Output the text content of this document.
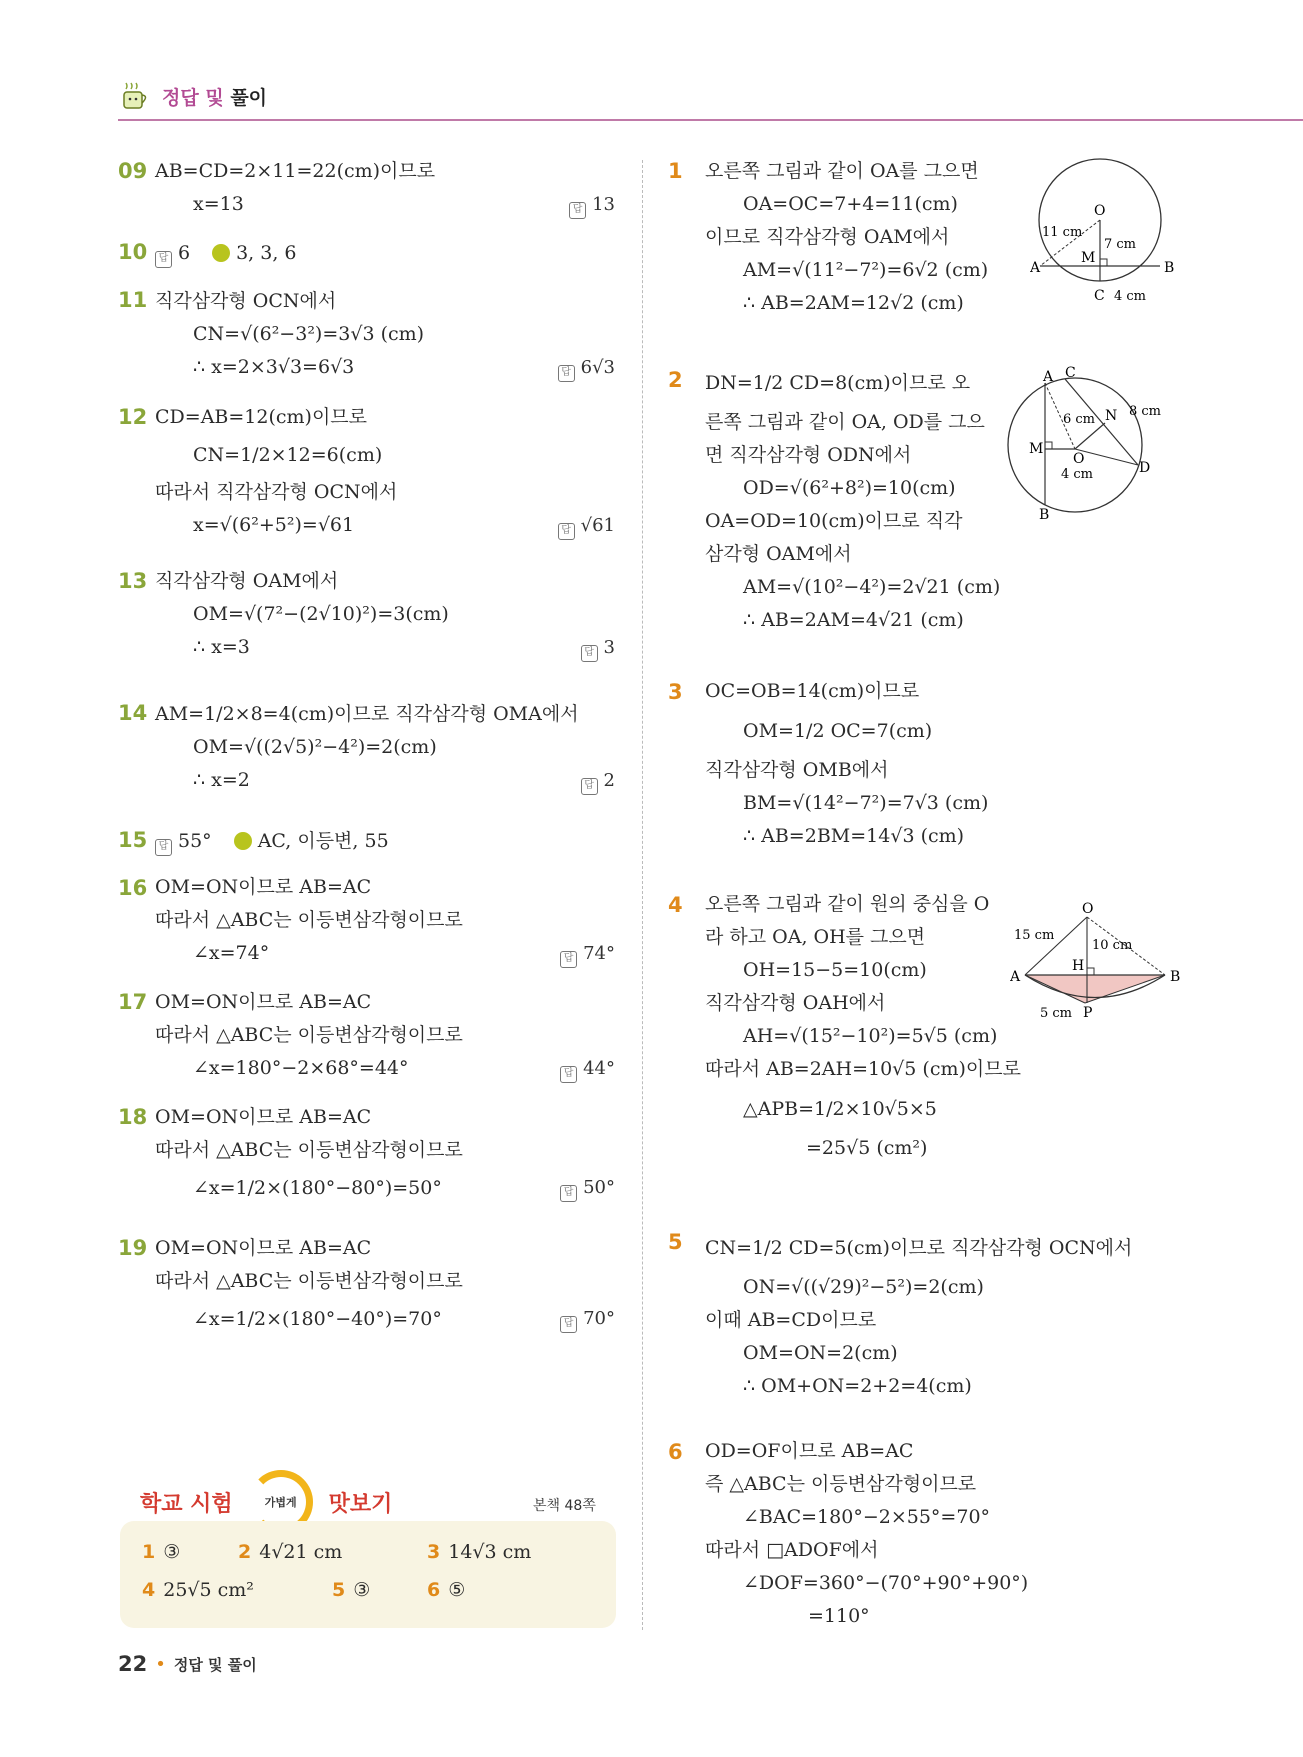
정답 및 풀이
09 AB=CD=2×11=22(cm)이므로
x=13	답 13
10	답 6 3, 3, 6
11 직각삼각형 OCN에서
CN=√(6²−3²)=3√3 (cm)
∴ x=2×3√3=6√3	답 6√3
12 CD=AB=12(cm)이므로
CN=1/2×12=6(cm)
따라서 직각삼각형 OCN에서
x=√(6²+5²)=√61	답 √61
13 직각삼각형 OAM에서
OM=√(7²−(2√10)²)=3(cm)
∴ x=3	답 3
14 AM=1/2×8=4(cm)이므로 직각삼각형 OMA에서
OM=√((2√5)²−4²)=2(cm)
∴ x=2	답 2
15	답 55° AC, 이등변, 55
16 OM=ON이므로 AB=AC
따라서 △ABC는 이등변삼각형이므로
∠x=74°	답 74°
17 OM=ON이므로 AB=AC
따라서 △ABC는 이등변삼각형이므로
∠x=180°−2×68°=44°	답 44°
18 OM=ON이므로 AB=AC
따라서 △ABC는 이등변삼각형이므로
∠x=1/2×(180°−80°)=50°	답 50°
19 OM=ON이므로 AB=AC
따라서 △ABC는 이등변삼각형이므로
∠x=1/2×(180°−40°)=70°	답 70°
학교 시험	가볍게 맛보기	본책 48쪽
1 ③	2 4√21 cm	3 14√3 cm
4 25√5 cm²	5 ③	6 ⑤
1 오른쪽 그림과 같이 OA를 그으면
OA=OC=7+4=11(cm)
이므로 직각삼각형 OAM에서
AM=√(11²−7²)=6√2 (cm)
∴ AB=2AM=12√2 (cm)
O
A	B
C
M
11 cm
7 cm
4 cm
2 DN=1/2 CD=8(cm)이므로 오
른쪽 그림과 같이 OA, OD를 그으
면 직각삼각형 ODN에서
OD=√(6²+8²)=10(cm)
OA=OD=10(cm)이므로 직각
삼각형 OAM에서
AM=√(10²−4²)=2√21 (cm)
∴ AB=2AM=4√21 (cm)
A C
N
M
O
D
B
8 cm
6 cm
4 cm
3 OC=OB=14(cm)이므로
OM=1/2 OC=7(cm)
직각삼각형 OMB에서
BM=√(14²−7²)=7√3 (cm)
∴ AB=2BM=14√3 (cm)
4 오른쪽 그림과 같이 원의 중심을 O
라 하고 OA, OH를 그으면
OH=15−5=10(cm)
직각삼각형 OAH에서
AH=√(15²−10²)=5√5 (cm)
따라서 AB=2AH=10√5 (cm)이므로
△APB=1/2×10√5×5
=25√5 (cm²)
O
A	B
H
P
15 cm
10 cm
5 cm
5 CN=1/2 CD=5(cm)이므로 직각삼각형 OCN에서
ON=√((√29)²−5²)=2(cm)
이때 AB=CD이므로
OM=ON=2(cm)
∴ OM+ON=2+2=4(cm)
6 OD=OF이므로 AB=AC
즉 △ABC는 이등변삼각형이므로
∠BAC=180°−2×55°=70°
따라서 □ADOF에서
∠DOF=360°−(70°+90°+90°)
=110°
22 • 정답 및 풀이
